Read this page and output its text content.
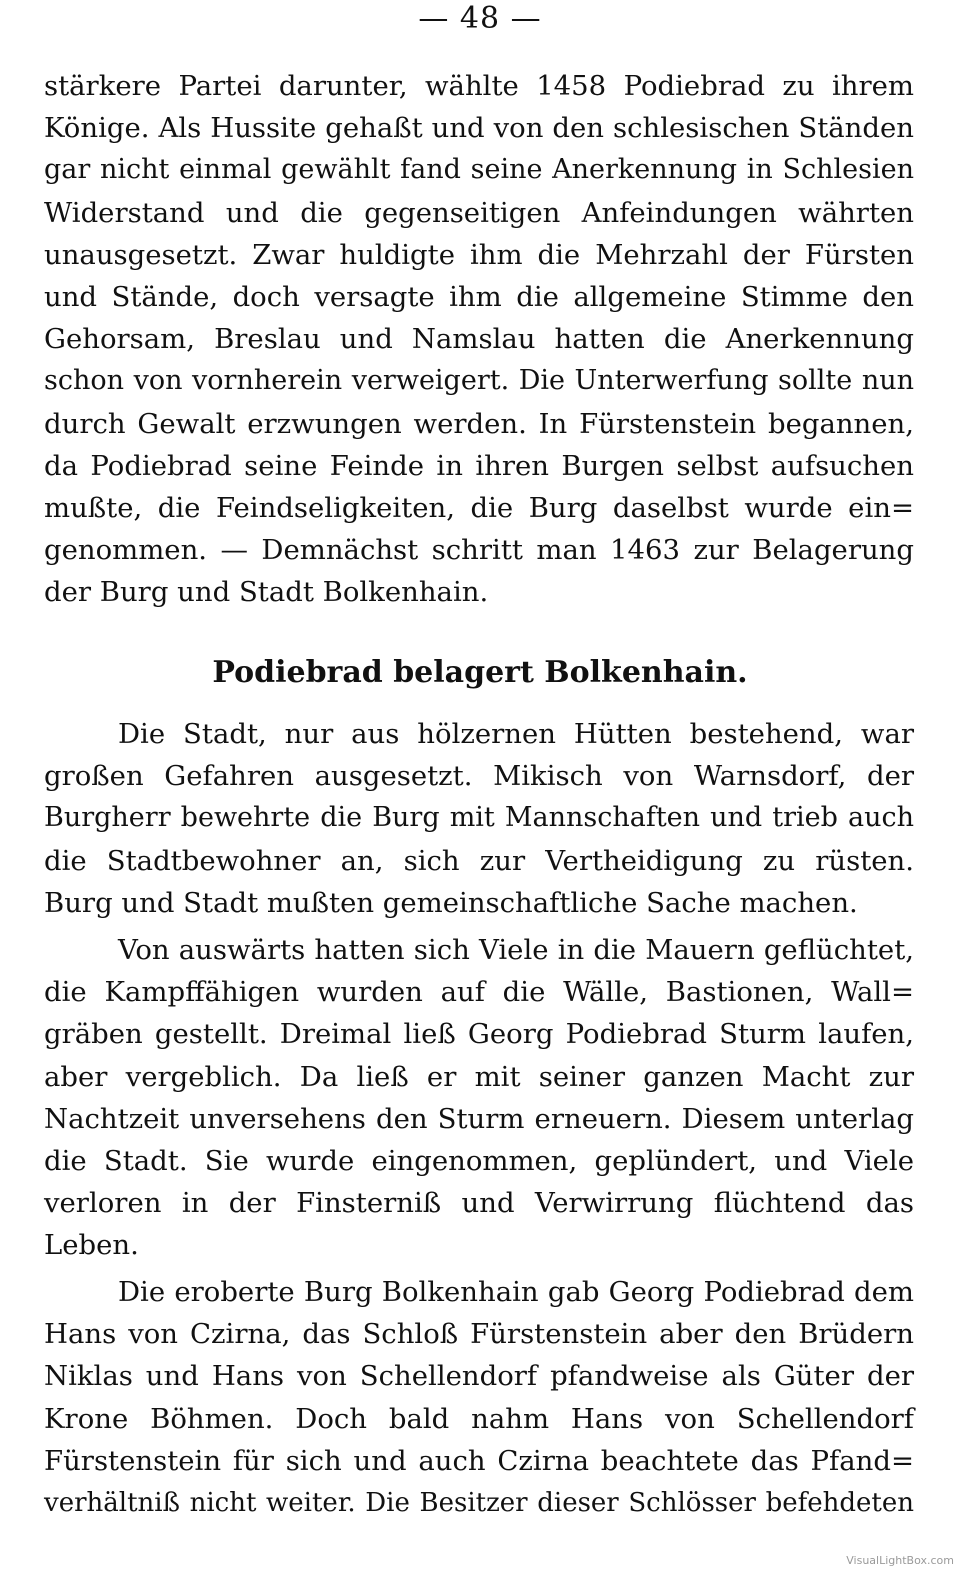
— 48 —
stärkere Partei darunter, wählte 1458 Podiebrad zu ihrem
Könige. Als Hussite gehaßt und von den schlesischen Ständen
gar nicht einmal gewählt fand seine Anerkennung in Schlesien
Widerstand und die gegenseitigen Anfeindungen währten
unausgesetzt. Zwar huldigte ihm die Mehrzahl der Fürsten
und Stände, doch versagte ihm die allgemeine Stimme den
Gehorsam, Breslau und Namslau hatten die Anerkennung
schon von vornherein verweigert. Die Unterwerfung sollte nun
durch Gewalt erzwungen werden. In Fürstenstein begannen,
da Podiebrad seine Feinde in ihren Burgen selbst aufsuchen
mußte, die Feindseligkeiten, die Burg daselbst wurde ein=
genommen. — Demnächst schritt man 1463 zur Belagerung
der Burg und Stadt Bolkenhain.
Podiebrad belagert Bolkenhain.
Die Stadt, nur aus hölzernen Hütten bestehend, war
großen Gefahren ausgesetzt. Mikisch von Warnsdorf, der
Burgherr bewehrte die Burg mit Mannschaften und trieb auch
die Stadtbewohner an, sich zur Vertheidigung zu rüsten.
Burg und Stadt mußten gemeinschaftliche Sache machen.
Von auswärts hatten sich Viele in die Mauern geflüchtet,
die Kampffähigen wurden auf die Wälle, Bastionen, Wall=
gräben gestellt. Dreimal ließ Georg Podiebrad Sturm laufen,
aber vergeblich. Da ließ er mit seiner ganzen Macht zur
Nachtzeit unversehens den Sturm erneuern. Diesem unterlag
die Stadt. Sie wurde eingenommen, geplündert, und Viele
verloren in der Finsterniß und Verwirrung flüchtend das
Leben.
Die eroberte Burg Bolkenhain gab Georg Podiebrad dem
Hans von Czirna, das Schloß Fürstenstein aber den Brüdern
Niklas und Hans von Schellendorf pfandweise als Güter der
Krone Böhmen. Doch bald nahm Hans von Schellendorf
Fürstenstein für sich und auch Czirna beachtete das Pfand=
verhältniß nicht weiter. Die Besitzer dieser Schlösser befehdeten
VisualLightBox.com
